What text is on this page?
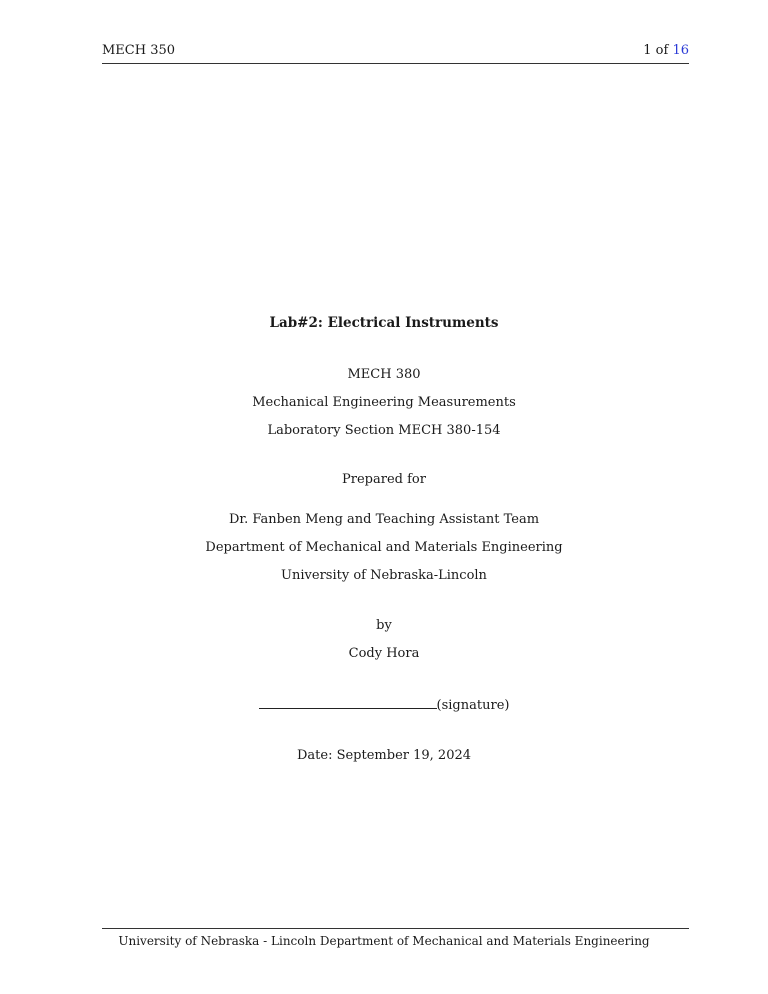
MECH 350	1 of 16
Lab#2: Electrical Instruments
MECH 380
Mechanical Engineering Measurements
Laboratory Section MECH 380-154
Prepared for
Dr. Fanben Meng and Teaching Assistant Team
Department of Mechanical and Materials Engineering
University of Nebraska-Lincoln
by
Cody Hora
(signature)
Date: September 19, 2024
University of Nebraska - Lincoln Department of Mechanical and Materials Engineering
